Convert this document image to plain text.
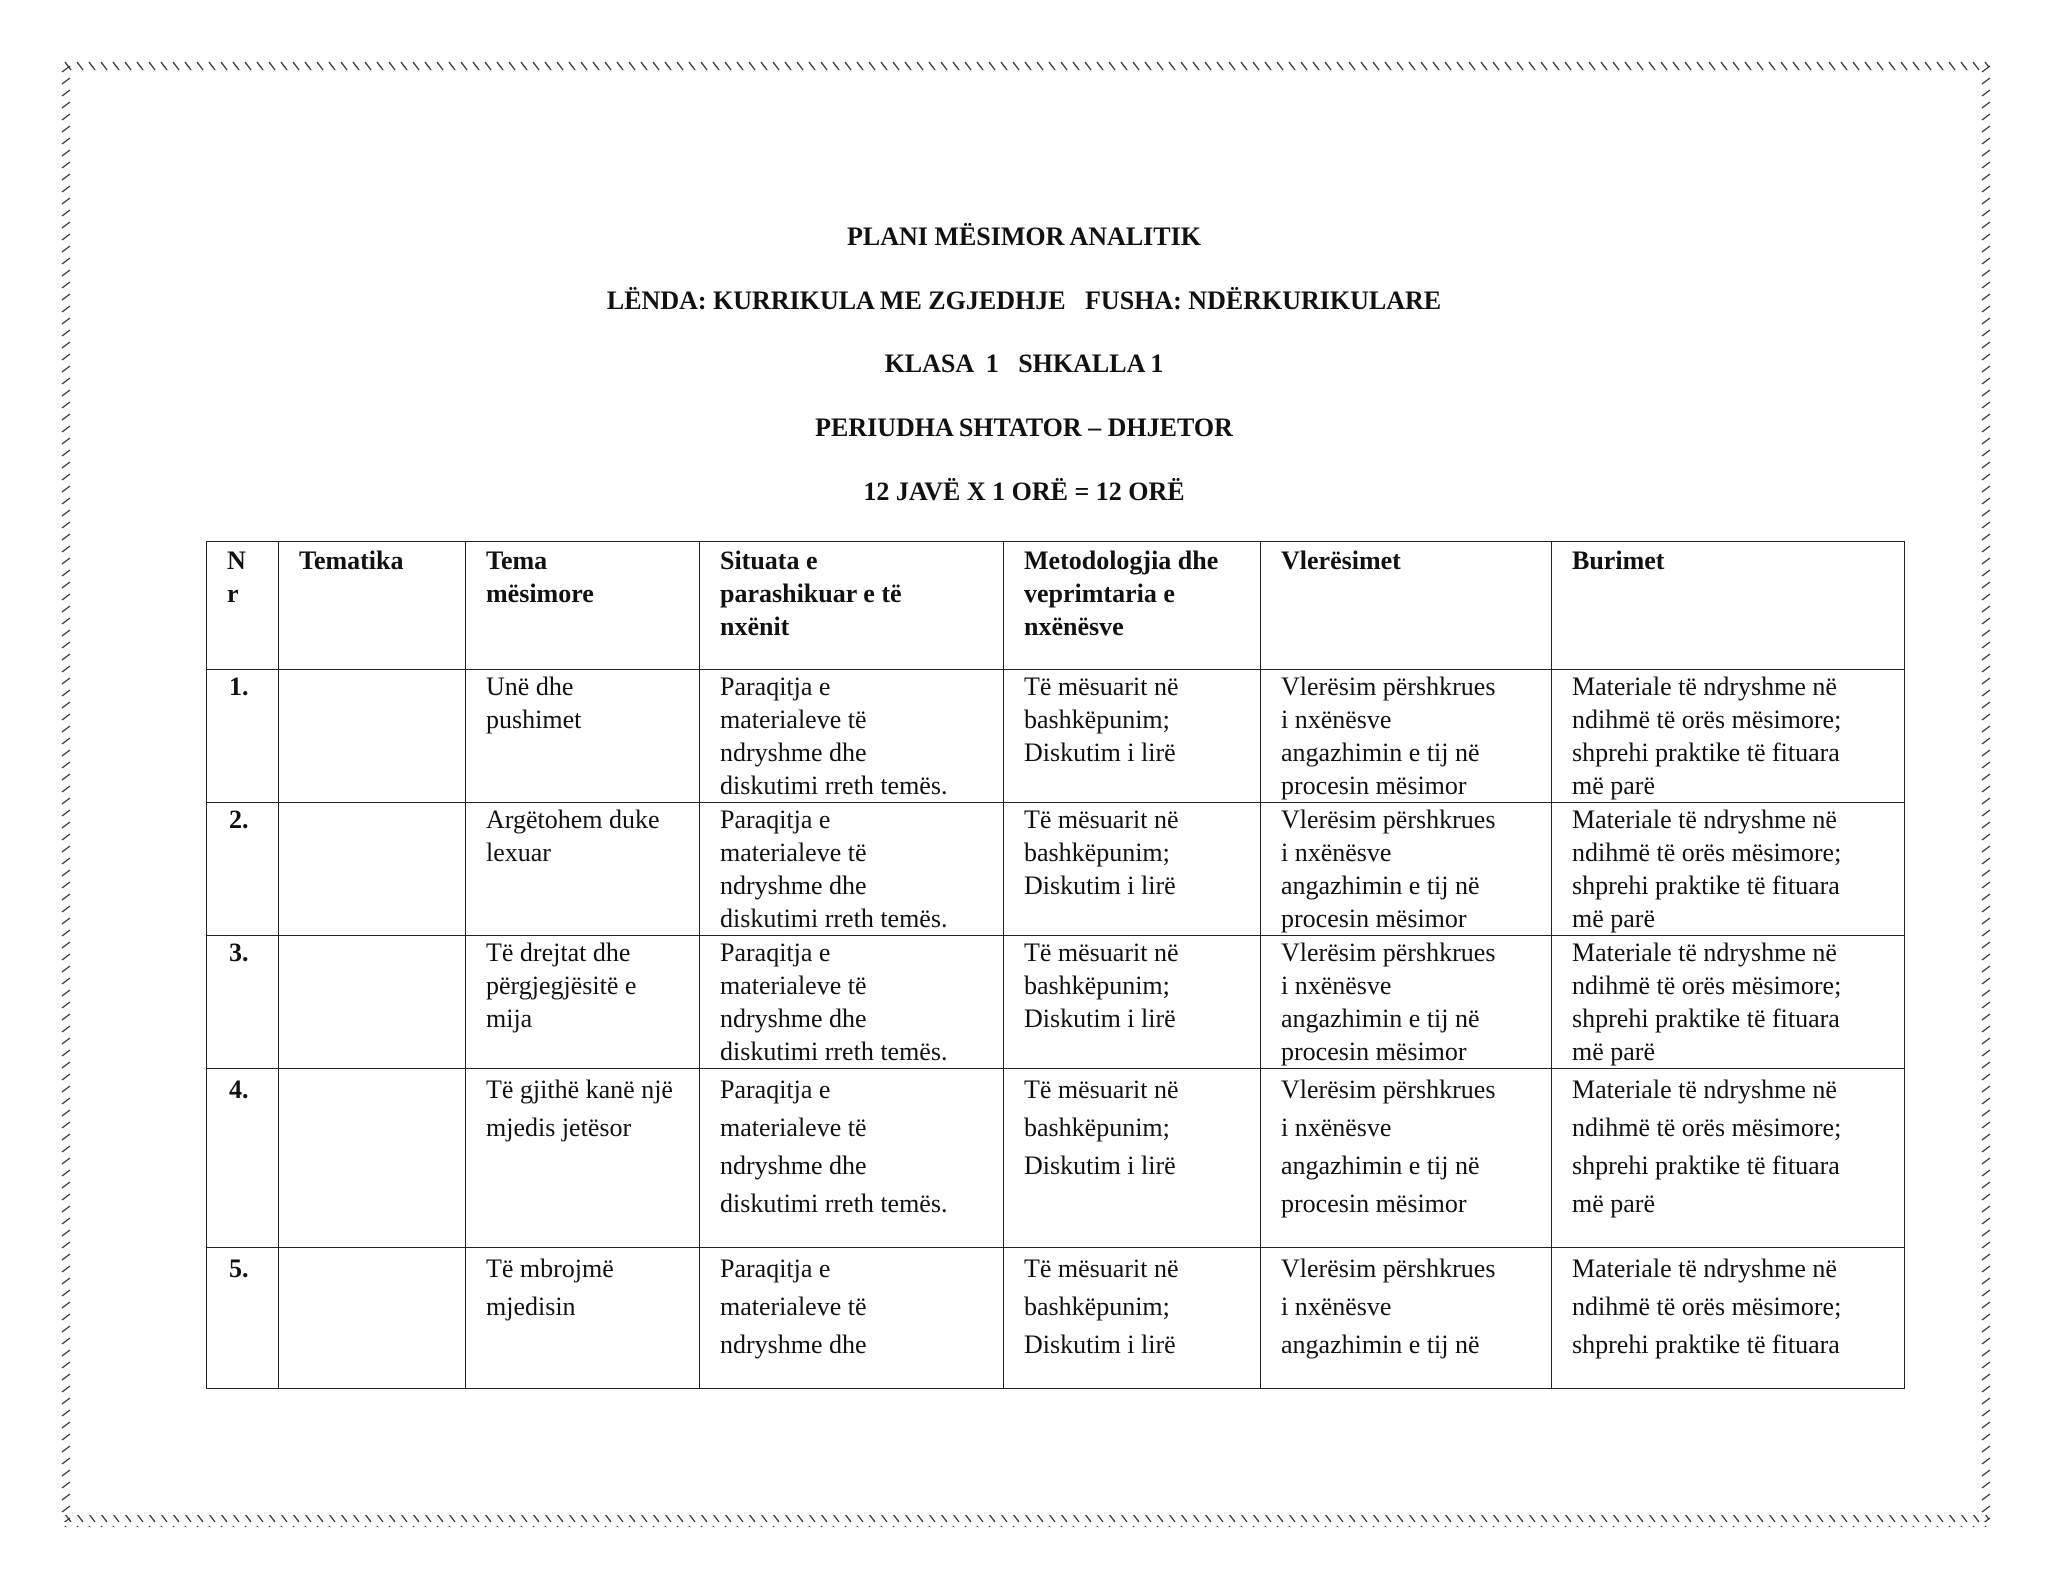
PLANI MËSIMOR ANALITIK
LËNDA: KURRIKULA ME ZGJEDHJE   FUSHA: NDËRKURIKULARE
KLASA  1   SHKALLA 1
PERIUDHA SHTATOR – DHJETOR
12 JAVË X 1 ORË = 12 ORË
N
r	Tematika	Tema
mësimore	Situata e
parashikuar e të
nxënit	Metodologjia dhe
veprimtaria e
nxënësve	Vlerësimet	Burimet
1.		Unë dhe
pushimet	Paraqitja e
materialeve të
ndryshme dhe
diskutimi rreth temës.	Të mësuarit në
bashkëpunim;
Diskutim i lirë	Vlerësim përshkrues
i nxënësve
angazhimin e tij në
procesin mësimor	Materiale të ndryshme në
ndihmë të orës mësimore;
shprehi praktike të fituara
më parë
2.		Argëtohem duke
lexuar	Paraqitja e
materialeve të
ndryshme dhe
diskutimi rreth temës.	Të mësuarit në
bashkëpunim;
Diskutim i lirë	Vlerësim përshkrues
i nxënësve
angazhimin e tij në
procesin mësimor	Materiale të ndryshme në
ndihmë të orës mësimore;
shprehi praktike të fituara
më parë
3.		Të drejtat dhe
përgjegjësitë e
mija	Paraqitja e
materialeve të
ndryshme dhe
diskutimi rreth temës.	Të mësuarit në
bashkëpunim;
Diskutim i lirë	Vlerësim përshkrues
i nxënësve
angazhimin e tij në
procesin mësimor	Materiale të ndryshme në
ndihmë të orës mësimore;
shprehi praktike të fituara
më parë
4.		Të gjithë kanë një
mjedis jetësor	Paraqitja e
materialeve të
ndryshme dhe
diskutimi rreth temës.	Të mësuarit në
bashkëpunim;
Diskutim i lirë	Vlerësim përshkrues
i nxënësve
angazhimin e tij në
procesin mësimor	Materiale të ndryshme në
ndihmë të orës mësimore;
shprehi praktike të fituara
më parë
5.		Të mbrojmë
mjedisin	Paraqitja e
materialeve të
ndryshme dhe	Të mësuarit në
bashkëpunim;
Diskutim i lirë	Vlerësim përshkrues
i nxënësve
angazhimin e tij në	Materiale të ndryshme në
ndihmë të orës mësimore;
shprehi praktike të fituara
